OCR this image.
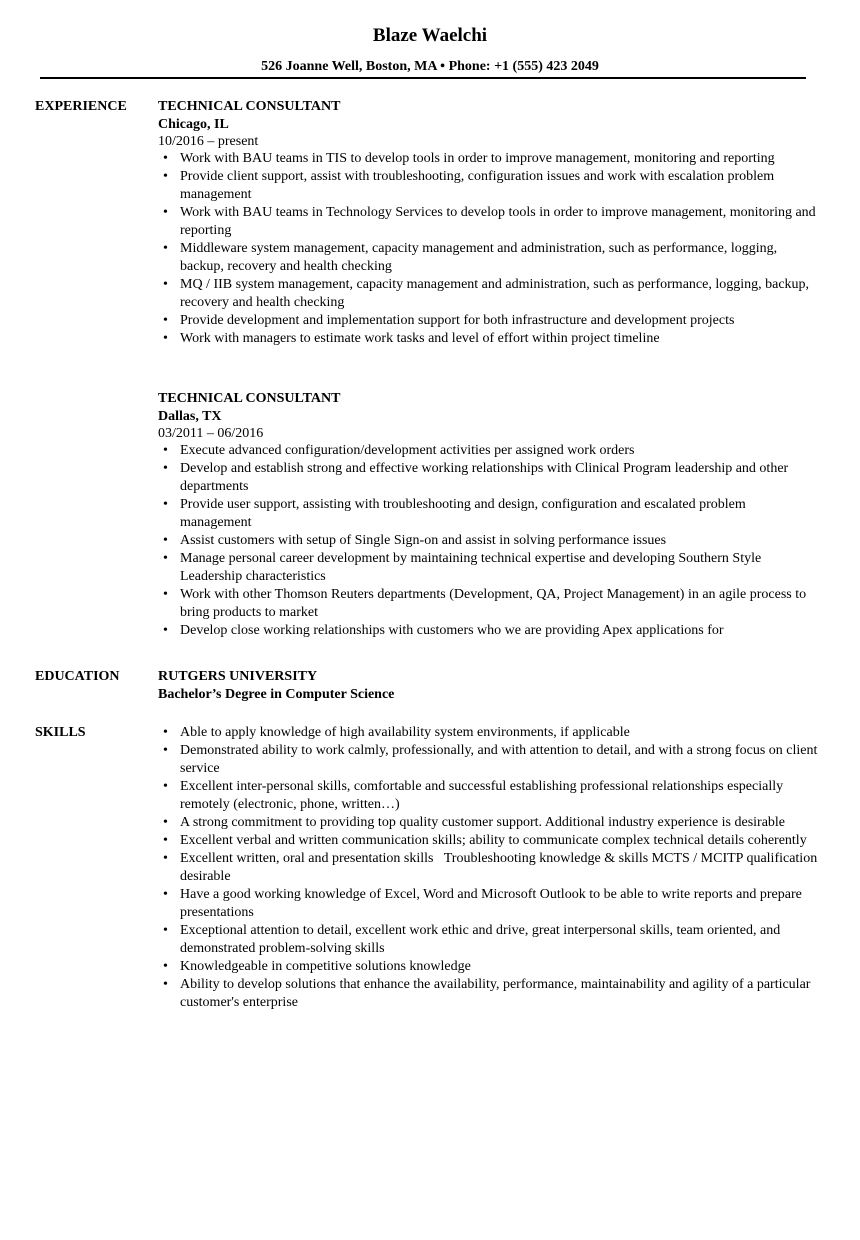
Blaze Waelchi
526 Joanne Well, Boston, MA • Phone: +1 (555) 423 2049
EXPERIENCE TECHNICAL CONSULTANT

Chicago, IL

10/2016 – present

• Work with BAU teams in TIS to develop tools in order to improve management, monitoring and reporting
• Provide client support, assist with troubleshooting, configuration issues and work with escalation problem management
• Work with BAU teams in Technology Services to develop tools in order to improve management, monitoring and reporting
• Middleware system management, capacity management and administration, such as performance, logging, backup, recovery and health checking
• MQ / IIB system management, capacity management and administration, such as performance, logging, backup, recovery and health checking
• Provide development and implementation support for both infrastructure and development projects
• Work with managers to estimate work tasks and level of effort within project timeline

TECHNICAL CONSULTANT

Dallas, TX

03/2011 – 06/2016

• Execute advanced configuration/development activities per assigned work orders
• Develop and establish strong and effective working relationships with Clinical Program leadership and other departments
• Provide user support, assisting with troubleshooting and design, configuration and escalated problem management
• Assist customers with setup of Single Sign-on and assist in solving performance issues
• Manage personal career development by maintaining technical expertise and developing Southern Style Leadership characteristics
• Work with other Thomson Reuters departments (Development, QA, Project Management) in an agile process to bring products to market
• Develop close working relationships with customers who we are providing Apex applications for
EDUCATION	RUTGERS UNIVERSITY

Bachelor’s Degree in Computer Science

SKILLS	• Able to apply knowledge of high availability system environments, if applicable
• Demonstrated ability to work calmly, professionally, and with attention to detail, and with a strong focus on client service
• Excellent inter-personal skills, comfortable and successful establishing professional relationships especially remotely (electronic, phone, written…)
• A strong commitment to providing top quality customer support. Additional industry experience is desirable
• Excellent verbal and written communication skills; ability to communicate complex technical details coherently
• Excellent written, oral and presentation skills   Troubleshooting knowledge & skills MCTS / MCITP qualification desirable
• Have a good working knowledge of Excel, Word and Microsoft Outlook to be able to write reports and prepare presentations
• Exceptional attention to detail, excellent work ethic and drive, great interpersonal skills, team oriented, and demonstrated problem-solving skills
• Knowledgeable in competitive solutions knowledge
• Ability to develop solutions that enhance the availability, performance, maintainability and agility of a particular customer's enterprise
